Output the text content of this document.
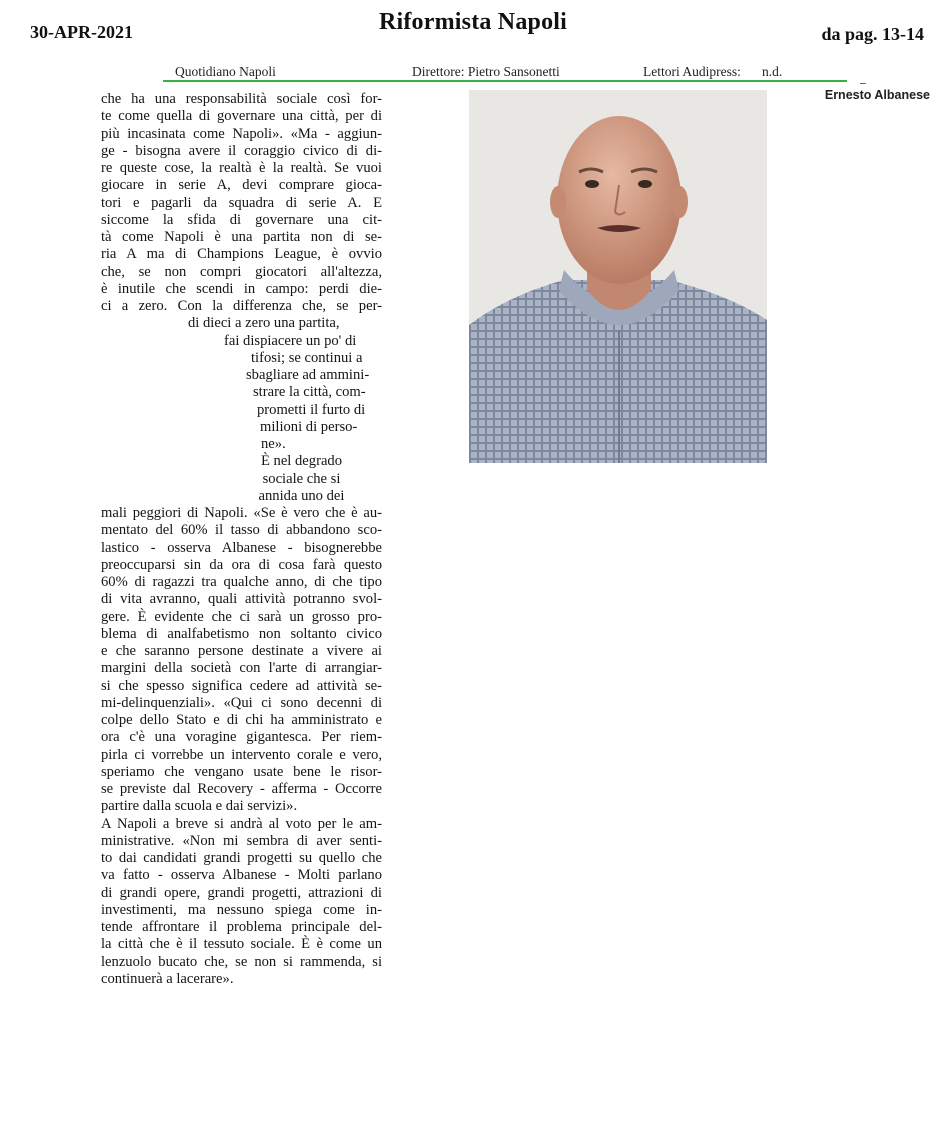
30-APR-2021	Riformista Napoli	da pag. 13-14
Quotidiano Napoli	Direttore: Pietro Sansonetti	Lettori Audipress: n.d.
Ernesto Albanese
che ha una responsabilità sociale così for-
te come quella di governare una città, per di
più incasinata come Napoli». «Ma - aggiun-
ge - bisogna avere il coraggio civico di di-
re queste cose, la realtà è la realtà. Se vuoi
giocare in serie A, devi comprare gioca-
tori e pagarli da squadra di serie A. E
siccome la sfida di governare una cit-
tà come Napoli è una partita non di se-
ria A ma di Champions League, è ovvio
che, se non compri giocatori all'altezza,
è inutile che scendi in campo: perdi die-
ci a zero. Con la differenza che, se per-
di dieci a zero una partita,
fai dispiacere un po' di
tifosi; se continui a
sbagliare ad ammini-
strare la città, com-
prometti il furto di
milioni di perso-
ne».
È nel degrado
sociale che si
annida uno dei
mali peggiori di Napoli. «Se è vero che è au-
mentato del 60% il tasso di abbandono sco-
lastico - osserva Albanese - bisognerebbe
preoccuparsi sin da ora di cosa farà questo
60% di ragazzi tra qualche anno, di che tipo
di vita avranno, quali attività potranno svol-
gere. È evidente che ci sarà un grosso pro-
blema di analfabetismo non soltanto civico
e che saranno persone destinate a vivere ai
margini della società con l'arte di arrangiar-
si che spesso significa cedere ad attività se-
mi-delinquenziali». «Qui ci sono decenni di
colpe dello Stato e di chi ha amministrato e
ora c'è una voragine gigantesca. Per riem-
pirla ci vorrebbe un intervento corale e vero,
speriamo che vengano usate bene le risor-
se previste dal Recovery - afferma - Occorre
partire dalla scuola e dai servizi».
A Napoli a breve si andrà al voto per le am-
ministrative. «Non mi sembra di aver senti-
to dai candidati grandi progetti su quello che
va fatto - osserva Albanese - Molti parlano
di grandi opere, grandi progetti, attrazioni di
investimenti, ma nessuno spiega come in-
tende affrontare il problema principale del-
la città che è il tessuto sociale. È è come un
lenzuolo bucato che, se non si rammenda, si
continuerà a lacerare».
